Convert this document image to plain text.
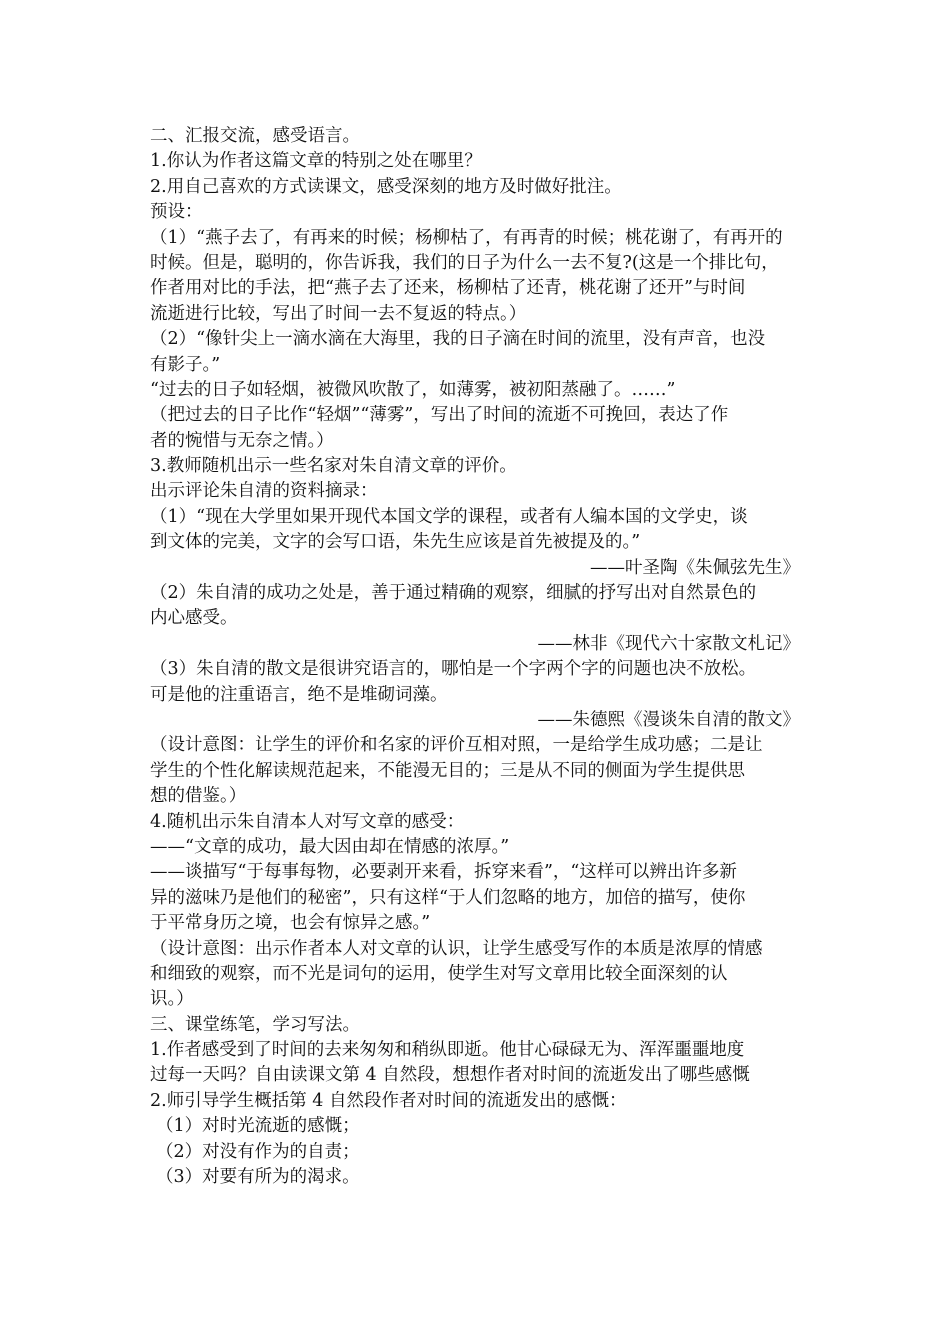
二、汇报交流，感受语言。
1.你认为作者这篇文章的特别之处在哪里？
2.用自己喜欢的方式读课文，感受深刻的地方及时做好批注。
预设：
（1）“燕子去了，有再来的时候；杨柳枯了，有再青的时候；桃花谢了，有再开的
时候。但是，聪明的，你告诉我，我们的日子为什么一去不复?(这是一个排比句，
作者用对比的手法，把“燕子去了还来，杨柳枯了还青，桃花谢了还开”与时间
流逝进行比较，写出了时间一去不复返的特点。）
（2）“像针尖上一滴水滴在大海里，我的日子滴在时间的流里，没有声音，也没
有影子。”
“过去的日子如轻烟，被微风吹散了，如薄雾，被初阳蒸融了。……”
（把过去的日子比作“轻烟”“薄雾”，写出了时间的流逝不可挽回，表达了作
者的惋惜与无奈之情。）
3.教师随机出示一些名家对朱自清文章的评价。
出示评论朱自清的资料摘录：
（1）“现在大学里如果开现代本国文学的课程，或者有人编本国的文学史，谈
到文体的完美，文字的会写口语，朱先生应该是首先被提及的。”
——叶圣陶《朱佩弦先生》
（2）朱自清的成功之处是，善于通过精确的观察，细腻的抒写出对自然景色的
内心感受。
——林非《现代六十家散文札记》
（3）朱自清的散文是很讲究语言的，哪怕是一个字两个字的问题也决不放松。
可是他的注重语言，绝不是堆砌词藻。
——朱德熙《漫谈朱自清的散文》
（设计意图：让学生的评价和名家的评价互相对照，一是给学生成功感；二是让
学生的个性化解读规范起来，不能漫无目的；三是从不同的侧面为学生提供思
想的借鉴。）
4.随机出示朱自清本人对写文章的感受：
——“文章的成功，最大因由却在情感的浓厚。”
——谈描写“于每事每物，必要剥开来看，拆穿来看”，“这样可以辨出许多新
异的滋味乃是他们的秘密”，只有这样“于人们忽略的地方，加倍的描写，使你
于平常身历之境，也会有惊异之感。”
（设计意图：出示作者本人对文章的认识，让学生感受写作的本质是浓厚的情感
和细致的观察，而不光是词句的运用，使学生对写文章用比较全面深刻的认
识。）
三、课堂练笔，学习写法。
1.作者感受到了时间的去来匆匆和稍纵即逝。他甘心碌碌无为、浑浑噩噩地度
过每一天吗？自由读课文第 4 自然段，想想作者对时间的流逝发出了哪些感慨
2.师引导学生概括第 4 自然段作者对时间的流逝发出的感慨：
（1）对时光流逝的感慨；
（2）对没有作为的自责；
（3）对要有所为的渴求。
